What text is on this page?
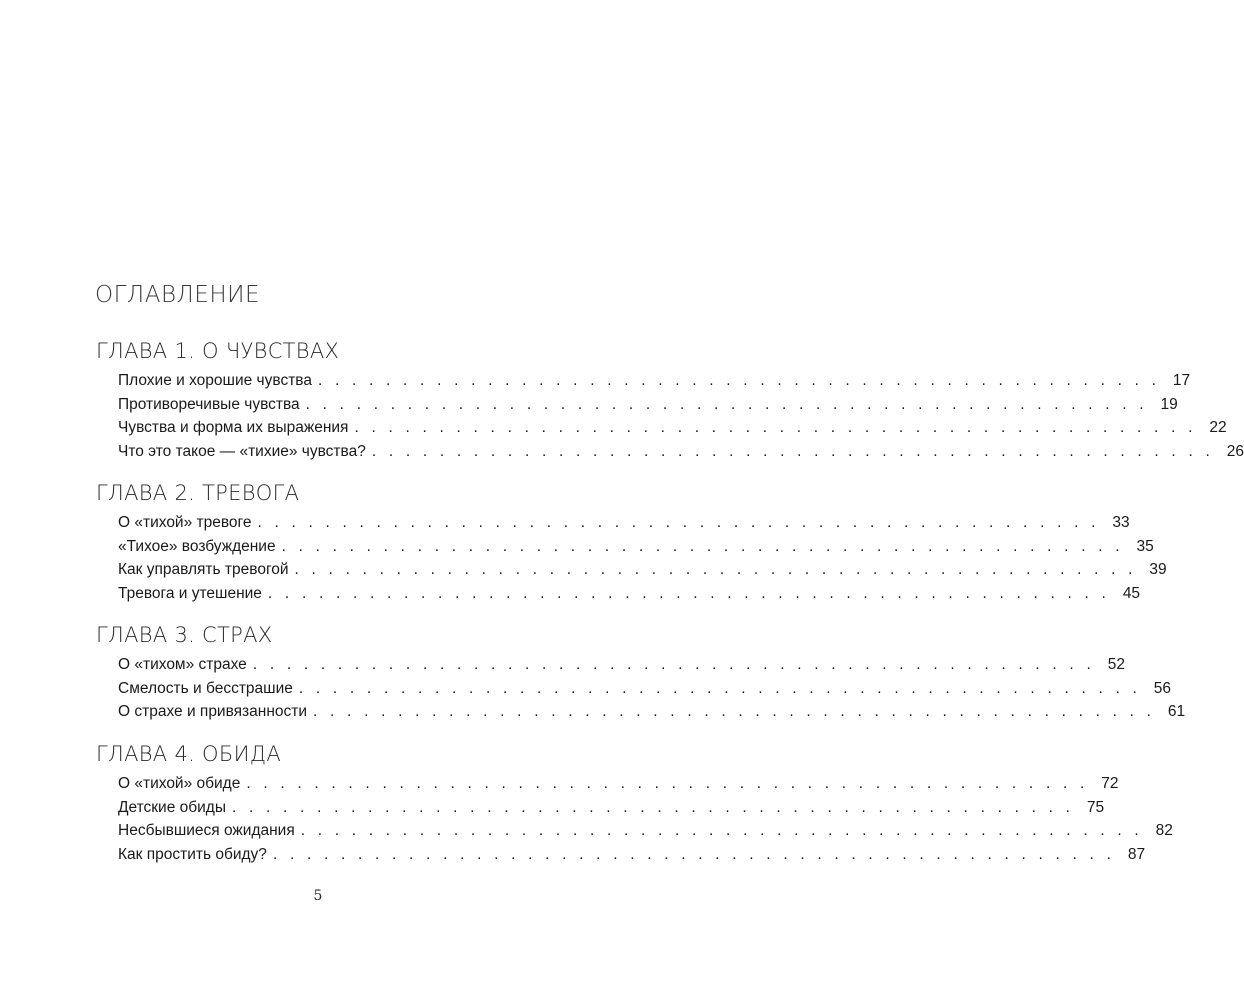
ОГЛАВЛЕНИЕ
ГЛАВА 1. О ЧУВСТВАХ
Плохие и хорошие чувства . . . . . . . . . . . . . . . . . . . . . . . . . . . . . . . . . . . . . . . . . . . . . . . . . . 17
Противоречивые чувства . . . . . . . . . . . . . . . . . . . . . . . . . . . . . . . . . . . . . . . . . . . . . . . . . . 19
Чувства и форма их выражения . . . . . . . . . . . . . . . . . . . . . . . . . . . . . . . . . . . . . . . . . . . . . . . . . . 22
Что это такое — «тихие» чувства? . . . . . . . . . . . . . . . . . . . . . . . . . . . . . . . . . . . . . . . . . . . . . . . . . . 26
ГЛАВА 2. ТРЕВОГА
О «тихой» тревоге . . . . . . . . . . . . . . . . . . . . . . . . . . . . . . . . . . . . . . . . . . . . . . . . . . 33
«Тихое» возбуждение . . . . . . . . . . . . . . . . . . . . . . . . . . . . . . . . . . . . . . . . . . . . . . . . . . 35
Как управлять тревогой . . . . . . . . . . . . . . . . . . . . . . . . . . . . . . . . . . . . . . . . . . . . . . . . . . 39
Тревога и утешение . . . . . . . . . . . . . . . . . . . . . . . . . . . . . . . . . . . . . . . . . . . . . . . . . . 45
ГЛАВА 3. СТРАХ
О «тихом» страхе . . . . . . . . . . . . . . . . . . . . . . . . . . . . . . . . . . . . . . . . . . . . . . . . . . 52
Смелость и бесстрашие . . . . . . . . . . . . . . . . . . . . . . . . . . . . . . . . . . . . . . . . . . . . . . . . . . 56
О страхе и привязанности . . . . . . . . . . . . . . . . . . . . . . . . . . . . . . . . . . . . . . . . . . . . . . . . . . 61
ГЛАВА 4. ОБИДА
О «тихой» обиде . . . . . . . . . . . . . . . . . . . . . . . . . . . . . . . . . . . . . . . . . . . . . . . . . . 72
Детские обиды . . . . . . . . . . . . . . . . . . . . . . . . . . . . . . . . . . . . . . . . . . . . . . . . . . 75
Несбывшиеся ожидания . . . . . . . . . . . . . . . . . . . . . . . . . . . . . . . . . . . . . . . . . . . . . . . . . . 82
Как простить обиду? . . . . . . . . . . . . . . . . . . . . . . . . . . . . . . . . . . . . . . . . . . . . . . . . . . 87
5
